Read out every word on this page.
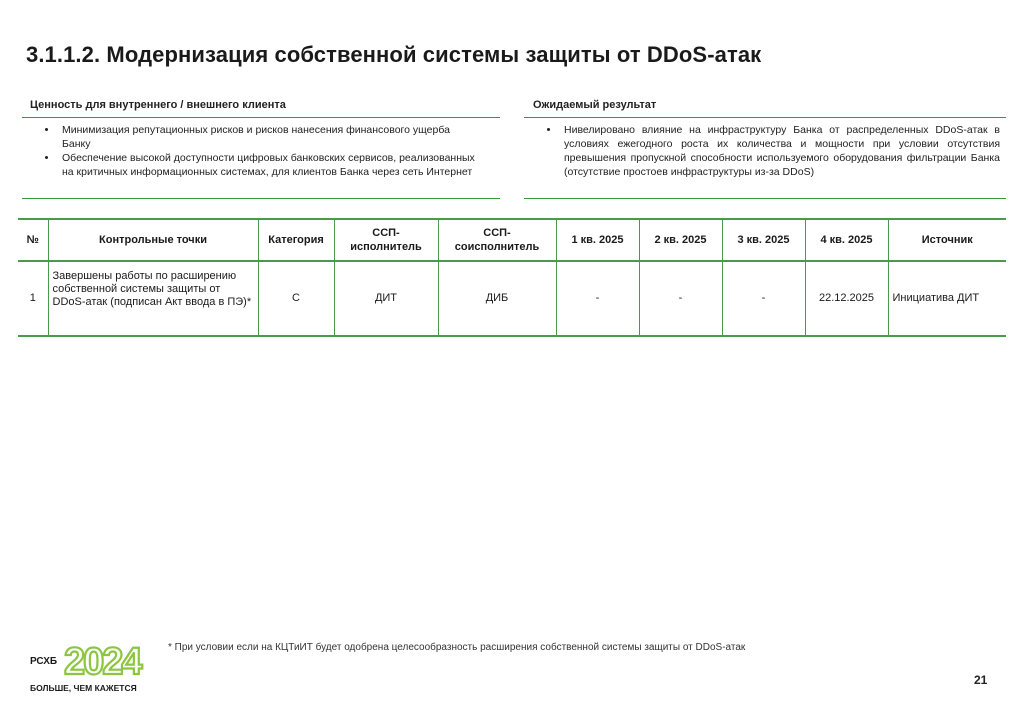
3.1.1.2. Модернизация собственной системы защиты от DDoS-атак
Ценность для внутреннего / внешнего клиента
• Минимизация репутационных рисков и рисков нанесения финансового ущерба Банку
• Обеспечение высокой доступности цифровых банковских сервисов, реализованных на критичных информационных системах, для клиентов Банка через сеть Интернет
Ожидаемый результат
• Нивелировано влияние на инфраструктуру Банка от распределенных DDoS-атак в условиях ежегодного роста их количества и мощности при условии отсутствия превышения пропускной способности используемого оборудования фильтрации Банка (отсутствие простоев инфраструктуры из-за DDoS)
№	Контрольные точки	Категория	ССП-исполнитель	ССП-соисполнитель	1 кв. 2025	2 кв. 2025	3 кв. 2025	4 кв. 2025	Источник
1	Завершены работы по расширению собственной системы защиты от DDoS-атак (подписан Акт ввода в ПЭ)*	С	ДИТ	ДИБ	-	-	-	22.12.2025	Инициатива ДИТ
РСХБ 2024
БОЛЬШЕ, ЧЕМ КАЖЕТСЯ
* При условии если на КЦТиИТ будет одобрена целесообразность расширения собственной системы защиты от DDoS-атак
21
